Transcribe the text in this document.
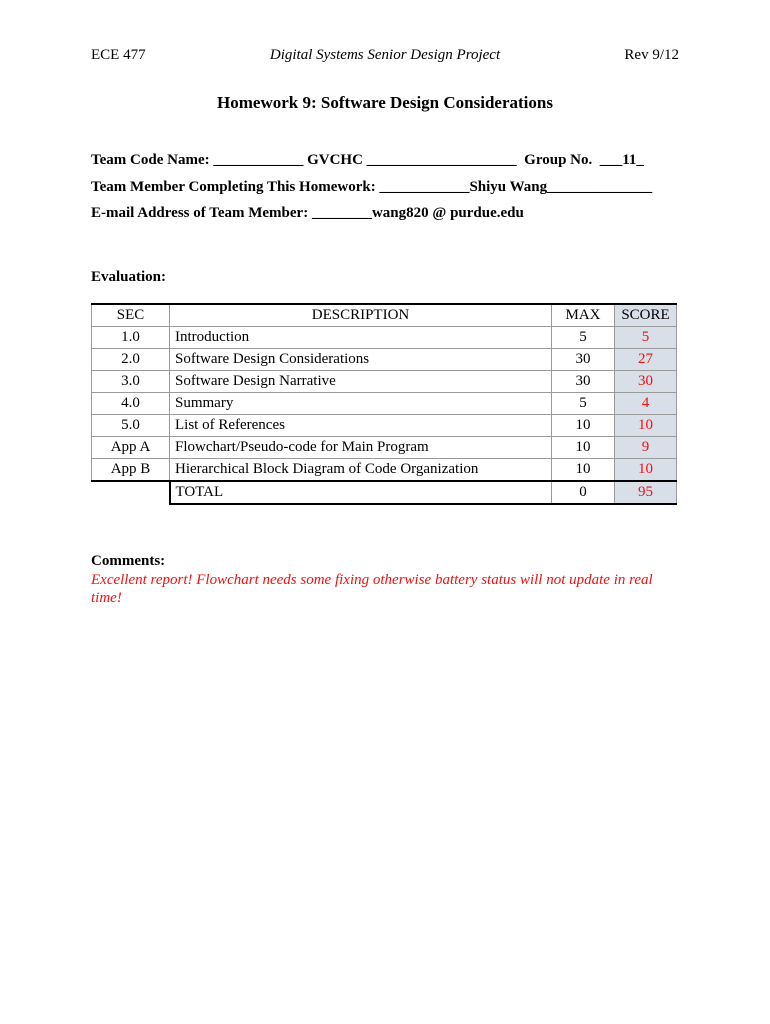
Digital Systems Senior Design Project
ECE 477	Rev 9/12
Homework 9: Software Design Considerations
Team Code Name: ____________ GVCHC ____________________  Group No.  ___11_
Team Member Completing This Homework: ____________Shiyu Wang______________
E-mail Address of Team Member: ________wang820 @ purdue.edu
Evaluation:
SEC	DESCRIPTION	MAX	SCORE
1.0	Introduction	5	5
2.0	Software Design Considerations	30	27
3.0	Software Design Narrative	30	30
4.0	Summary	5	4
5.0	List of References	10	10
App A	Flowchart/Pseudo-code for Main Program	10	9
App B	Hierarchical Block Diagram of Code Organization	10	10
	TOTAL	0	95
Comments:
Excellent report! Flowchart needs some fixing otherwise battery status will not update in real time!
